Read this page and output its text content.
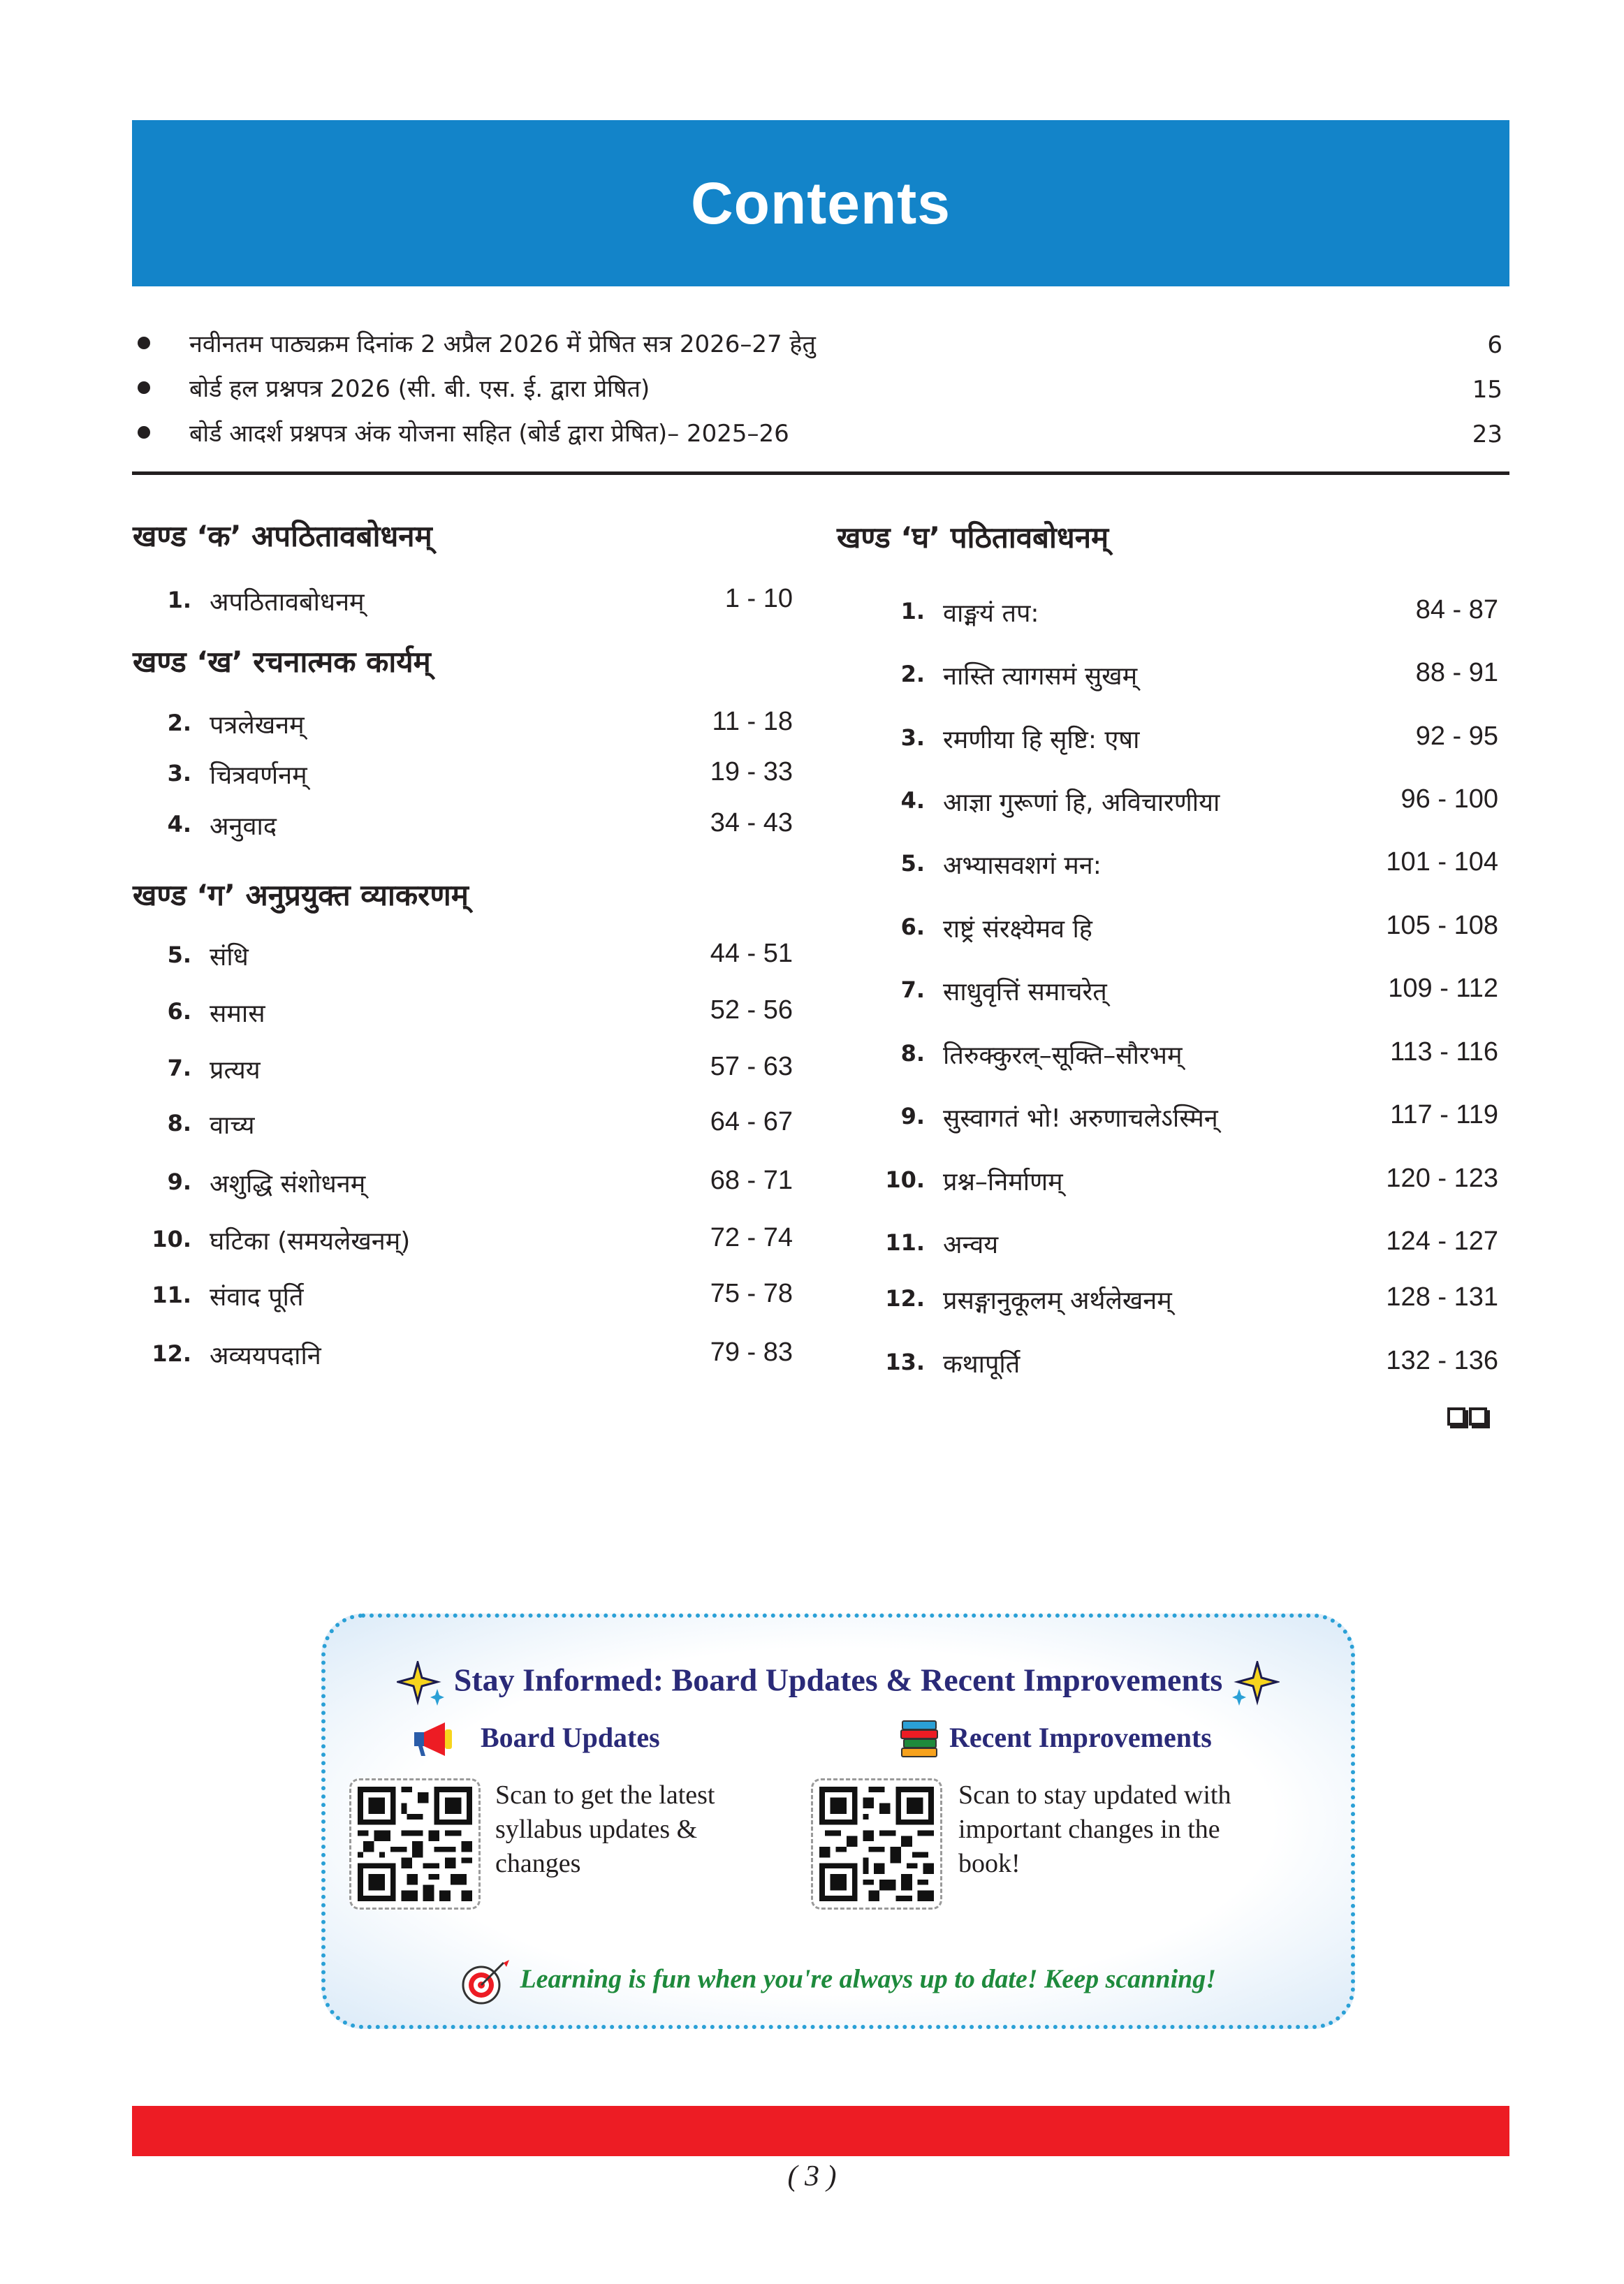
Contents
नवीनतम पाठ्यक्रम दिनांक 2 अप्रैल 2026 में प्रेषित सत्र 2026–27 हेतु	6
बोर्ड हल प्रश्नपत्र 2026 (सी. बी. एस. ई. द्वारा प्रेषित)	15
बोर्ड आदर्श प्रश्नपत्र अंक योजना सहित (बोर्ड द्वारा प्रेषित)– 2025–26	23
खण्ड ‘क’ अपठितावबोधनम्
1. अपठितावबोधनम्	1 - 10
खण्ड ‘ख’ रचनात्मक कार्यम्
2. पत्रलेखनम्	11 - 18
3. चित्रवर्णनम्	19 - 33
4. अनुवाद	34 - 43
खण्ड ‘ग’ अनुप्रयुक्त व्याकरणम्
5. संधि	44 - 51
6. समास	52 - 56
7. प्रत्यय	57 - 63
8. वाच्य	64 - 67
9. अशुद्धि संशोधनम्	68 - 71
10. घटिका (समयलेखनम्)	72 - 74
11. संवाद पूर्ति	75 - 78
12. अव्ययपदानि	79 - 83
खण्ड ‘घ’ पठितावबोधनम्
1. वाङ्मयं तप:	84 - 87
2. नास्ति त्यागसमं सुखम्	88 - 91
3. रमणीया हि सृष्टि: एषा	92 - 95
4. आज्ञा गुरूणां हि, अविचारणीया	96 - 100
5. अभ्यासवशगं मन:	101 - 104
6. राष्ट्रं संरक्ष्येमव हि	105 - 108
7. साधुवृत्तिं समाचरेत्	109 - 112
8. तिरुक्कुरल्–सूक्ति–सौरभम्	113 - 116
9. सुस्वागतं भो! अरुणाचलेऽस्मिन्	117 - 119
10. प्रश्न–निर्माणम्	120 - 123
11. अन्वय	124 - 127
12. प्रसङ्गानुकूलम् अर्थलेखनम्	128 - 131
13. कथापूर्ति	132 - 136
Stay Informed: Board Updates & Recent Improvements
Board Updates
Scan to get the latest
syllabus updates &
changes
Recent Improvements
Scan to stay updated with
important changes in the
book!
Learning is fun when you're always up to date! Keep scanning!
( 3 )
